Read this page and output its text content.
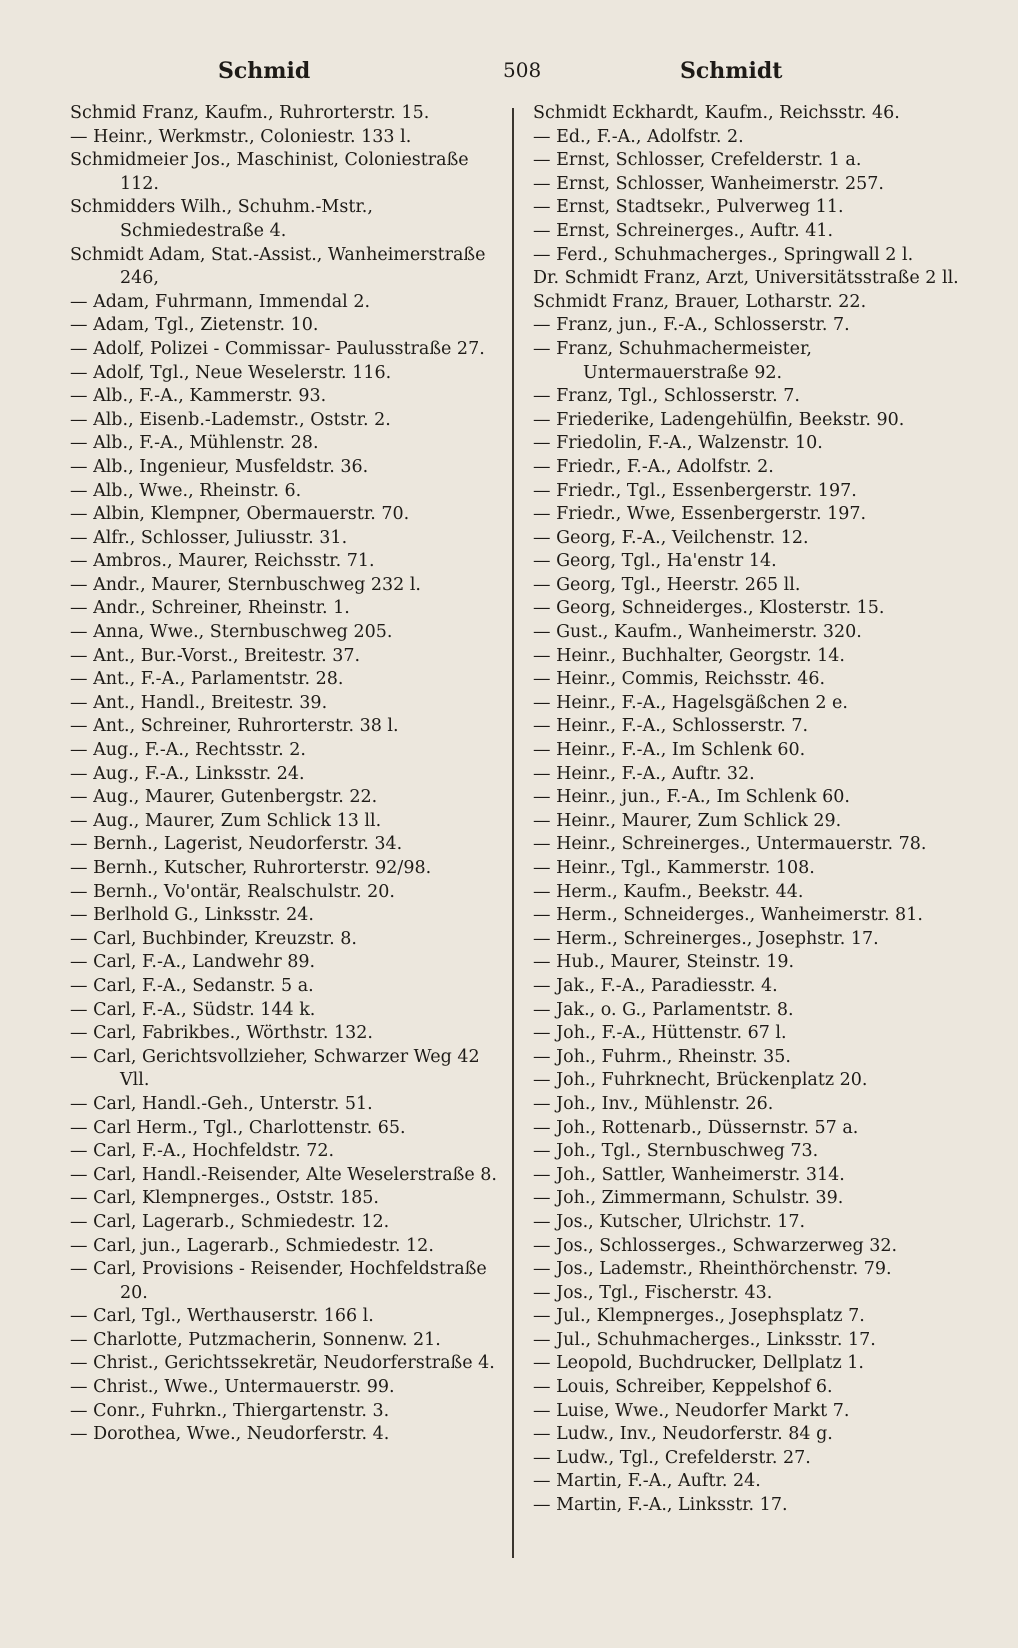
Schmid	508	Schmidt
Schmid Franz, Kaufm., Ruhrorterstr. 15.
— Heinr., Werkmstr., Coloniestr. 133 l.
Schmidmeier Jos., Maschinist, Coloniestraße 112.
Schmidders Wilh., Schuhm.-Mstr., Schmiedestraße 4.
Schmidt Adam, Stat.-Assist., Wanheimerstraße 246,
— Adam, Fuhrmann, Immendal 2.
— Adam, Tgl., Zietenstr. 10.
— Adolf, Polizei - Commissar- Paulusstraße 27.
— Adolf, Tgl., Neue Weselerstr. 116.
— Alb., F.-A., Kammerstr. 93.
— Alb., Eisenb.-Lademstr., Oststr. 2.
— Alb., F.-A., Mühlenstr. 28.
— Alb., Ingenieur, Musfeldstr. 36.
— Alb., Wwe., Rheinstr. 6.
— Albin, Klempner, Obermauerstr. 70.
— Alfr., Schlosser, Juliusstr. 31.
— Ambros., Maurer, Reichsstr. 71.
— Andr., Maurer, Sternbuschweg 232 l.
— Andr., Schreiner, Rheinstr. 1.
— Anna, Wwe., Sternbuschweg 205.
— Ant., Bur.-Vorst., Breitestr. 37.
— Ant., F.-A., Parlamentstr. 28.
— Ant., Handl., Breitestr. 39.
— Ant., Schreiner, Ruhrorterstr. 38 l.
— Aug., F.-A., Rechtsstr. 2.
— Aug., F.-A., Linksstr. 24.
— Aug., Maurer, Gutenbergstr. 22.
— Aug., Maurer, Zum Schlick 13 ll.
— Bernh., Lagerist, Neudorferstr. 34.
— Bernh., Kutscher, Ruhrorterstr. 92/98.
— Bernh., Vo'ontär, Realschulstr. 20.
— Berlhold G., Linksstr. 24.
— Carl, Buchbinder, Kreuzstr. 8.
— Carl, F.-A., Landwehr 89.
— Carl, F.-A., Sedanstr. 5 a.
— Carl, F.-A., Südstr. 144 k.
— Carl, Fabrikbes., Wörthstr. 132.
— Carl, Gerichtsvollzieher, Schwarzer Weg 42 Vll.
— Carl, Handl.-Geh., Unterstr. 51.
— Carl Herm., Tgl., Charlottenstr. 65.
— Carl, F.-A., Hochfeldstr. 72.
— Carl, Handl.-Reisender, Alte Weselerstraße 8.
— Carl, Klempnerges., Oststr. 185.
— Carl, Lagerarb., Schmiedestr. 12.
— Carl, jun., Lagerarb., Schmiedestr. 12.
— Carl, Provisions - Reisender, Hochfeldstraße 20.
— Carl, Tgl., Werthauserstr. 166 l.
— Charlotte, Putzmacherin, Sonnenw. 21.
— Christ., Gerichtssekretär, Neudorferstraße 4.
— Christ., Wwe., Untermauerstr. 99.
— Conr., Fuhrkn., Thiergartenstr. 3.
— Dorothea, Wwe., Neudorferstr. 4.
Schmidt Eckhardt, Kaufm., Reichsstr. 46.
— Ed., F.-A., Adolfstr. 2.
— Ernst, Schlosser, Crefelderstr. 1 a.
— Ernst, Schlosser, Wanheimerstr. 257.
— Ernst, Stadtsekr., Pulverweg 11.
— Ernst, Schreinerges., Auftr. 41.
— Ferd., Schuhmacherges., Springwall 2 l.
Dr. Schmidt Franz, Arzt, Universitätsstraße 2 ll.
Schmidt Franz, Brauer, Lotharstr. 22.
— Franz, jun., F.-A., Schlosserstr. 7.
— Franz, Schuhmachermeister, Untermauerstraße 92.
— Franz, Tgl., Schlosserstr. 7.
— Friederike, Ladengehülfin, Beekstr. 90.
— Friedolin, F.-A., Walzenstr. 10.
— Friedr., F.-A., Adolfstr. 2.
— Friedr., Tgl., Essenbergerstr. 197.
— Friedr., Wwe, Essenbergerstr. 197.
— Georg, F.-A., Veilchenstr. 12.
— Georg, Tgl., Ha'enstr 14.
— Georg, Tgl., Heerstr. 265 ll.
— Georg, Schneiderges., Klosterstr. 15.
— Gust., Kaufm., Wanheimerstr. 320.
— Heinr., Buchhalter, Georgstr. 14.
— Heinr., Commis, Reichsstr. 46.
— Heinr., F.-A., Hagelsgäßchen 2 e.
— Heinr., F.-A., Schlosserstr. 7.
— Heinr., F.-A., Im Schlenk 60.
— Heinr., F.-A., Auftr. 32.
— Heinr., jun., F.-A., Im Schlenk 60.
— Heinr., Maurer, Zum Schlick 29.
— Heinr., Schreinerges., Untermauerstr. 78.
— Heinr., Tgl., Kammerstr. 108.
— Herm., Kaufm., Beekstr. 44.
— Herm., Schneiderges., Wanheimerstr. 81.
— Herm., Schreinerges., Josephstr. 17.
— Hub., Maurer, Steinstr. 19.
— Jak., F.-A., Paradiesstr. 4.
— Jak., o. G., Parlamentstr. 8.
— Joh., F.-A., Hüttenstr. 67 l.
— Joh., Fuhrm., Rheinstr. 35.
— Joh., Fuhrknecht, Brückenplatz 20.
— Joh., Inv., Mühlenstr. 26.
— Joh., Rottenarb., Düssernstr. 57 a.
— Joh., Tgl., Sternbuschweg 73.
— Joh., Sattler, Wanheimerstr. 314.
— Joh., Zimmermann, Schulstr. 39.
— Jos., Kutscher, Ulrichstr. 17.
— Jos., Schlosserges., Schwarzerweg 32.
— Jos., Lademstr., Rheinthörchenstr. 79.
— Jos., Tgl., Fischerstr. 43.
— Jul., Klempnerges., Josephsplatz 7.
— Jul., Schuhmacherges., Linksstr. 17.
— Leopold, Buchdrucker, Dellplatz 1.
— Louis, Schreiber, Keppelshof 6.
— Luise, Wwe., Neudorfer Markt 7.
— Ludw., Inv., Neudorferstr. 84 g.
— Ludw., Tgl., Crefelderstr. 27.
— Martin, F.-A., Auftr. 24.
— Martin, F.-A., Linksstr. 17.
